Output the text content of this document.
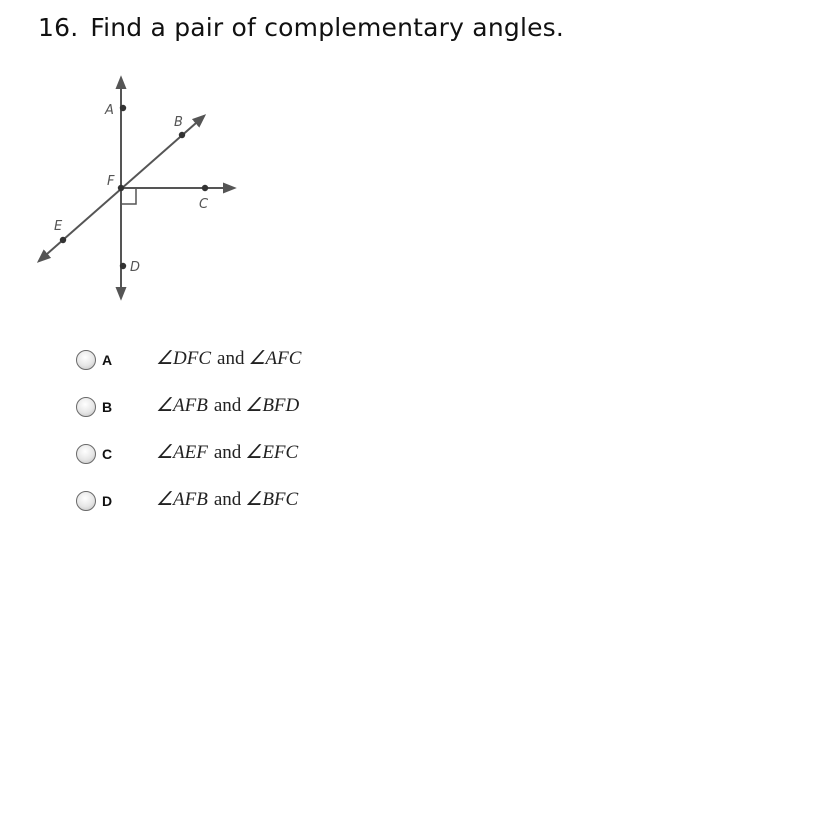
16. Find a pair of complementary angles.
A
B
C
D
E
F
A ∠DFC and ∠AFC
B ∠AFB and ∠BFD
C ∠AEF and ∠EFC
D ∠AFB and ∠BFC
